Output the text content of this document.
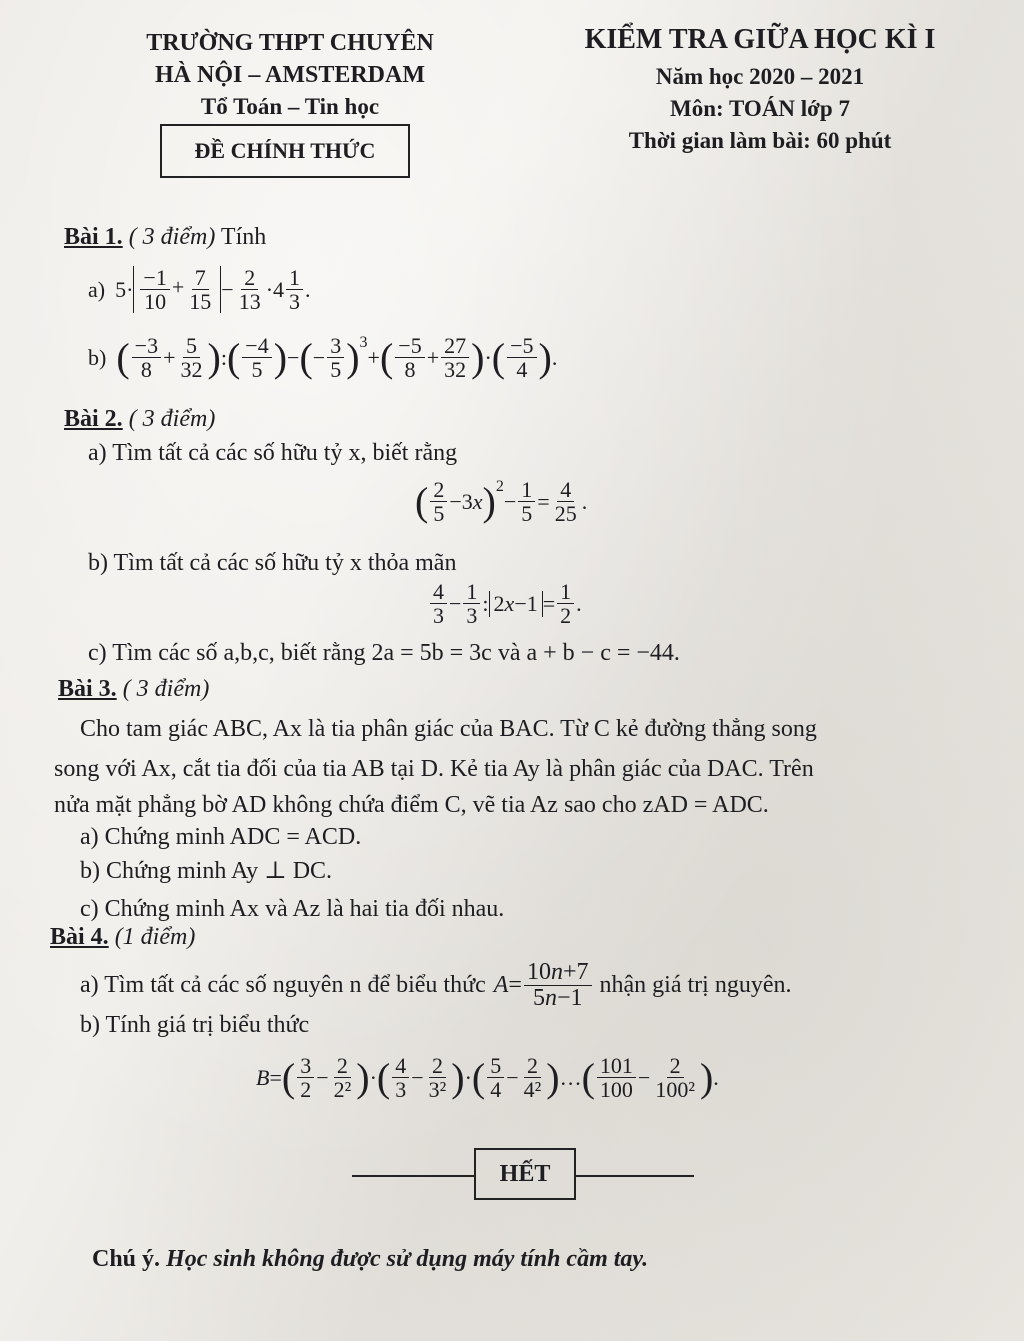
TRƯỜNG THPT CHUYÊN
HÀ NỘI – AMSTERDAM
Tổ Toán – Tin học
ĐỀ CHÍNH THỨC
KIỂM TRA GIỮA HỌC KÌ I
Năm học 2020 – 2021
Môn: TOÁN lớp 7
Thời gian làm bài: 60 phút
Bài 1. ( 3 điểm) Tính
a) $5\cdot \frac{-1}{10} + \frac{7}{15} - \frac{2}{13} \cdot 4 \frac{1}{3}$ .
b) ( $\frac{-3}{8} + \frac{5}{32}$ ) : ( $\frac{-4}{5}$ ) − ( − $\frac{3}{5}$ ) 3
+ ( $\frac{-5}{8} + \frac{27}{32}$ ) · ( $\frac{-5}{4}$ ) .
Bài 2. ( 3 điểm)
a) Tìm tất cả các số hữu tỷ x, biết rằng
( $\frac{2}{5} -3x$ ) 2
− $\frac{1}{5} = \frac{4}{25}$ .
b) Tìm tất cả các số hữu tỷ x thỏa mãn
$\frac{4}{3} - \frac{1}{3}$ : $2x-1 = \frac{1}{2}$ .
c) Tìm các số a,b,c, biết rằng 2a = 5b = 3c và a + b − c = −44.
Bài 3. ( 3 điểm)
Cho tam giác ABC, Ax là tia phân giác của BAC. Từ C kẻ đường thẳng song
song với Ax, cắt tia đối của tia AB tại D. Kẻ tia Ay là phân giác của DAC. Trên
nửa mặt phẳng bờ AD không chứa điểm C, vẽ tia Az sao cho zAD = ADC.
a) Chứng minh ADC = ACD.
b) Chứng minh Ay ⊥ DC.
c) Chứng minh Ax và Az là hai tia đối nhau.
Bài 4. (1 điểm)
a) Tìm tất cả các số nguyên n để biểu thức $A = \frac{10n+7}{5n-1}$ nhận giá trị nguyên.
b) Tính giá trị biểu thức
B = ( $\frac{3}{2} - \frac{2}{\text{2²}}$ ) · ( $\frac{4}{3} - \frac{2}{\text{3²}}$ ) · ( $\frac{5}{4} - \frac{2}{\text{4²}}$ ) … ( $\frac{101}{100} - \frac{2}{\text{100²}}$ ) .
HẾT
Chú ý. Học sinh không được sử dụng máy tính cầm tay.
